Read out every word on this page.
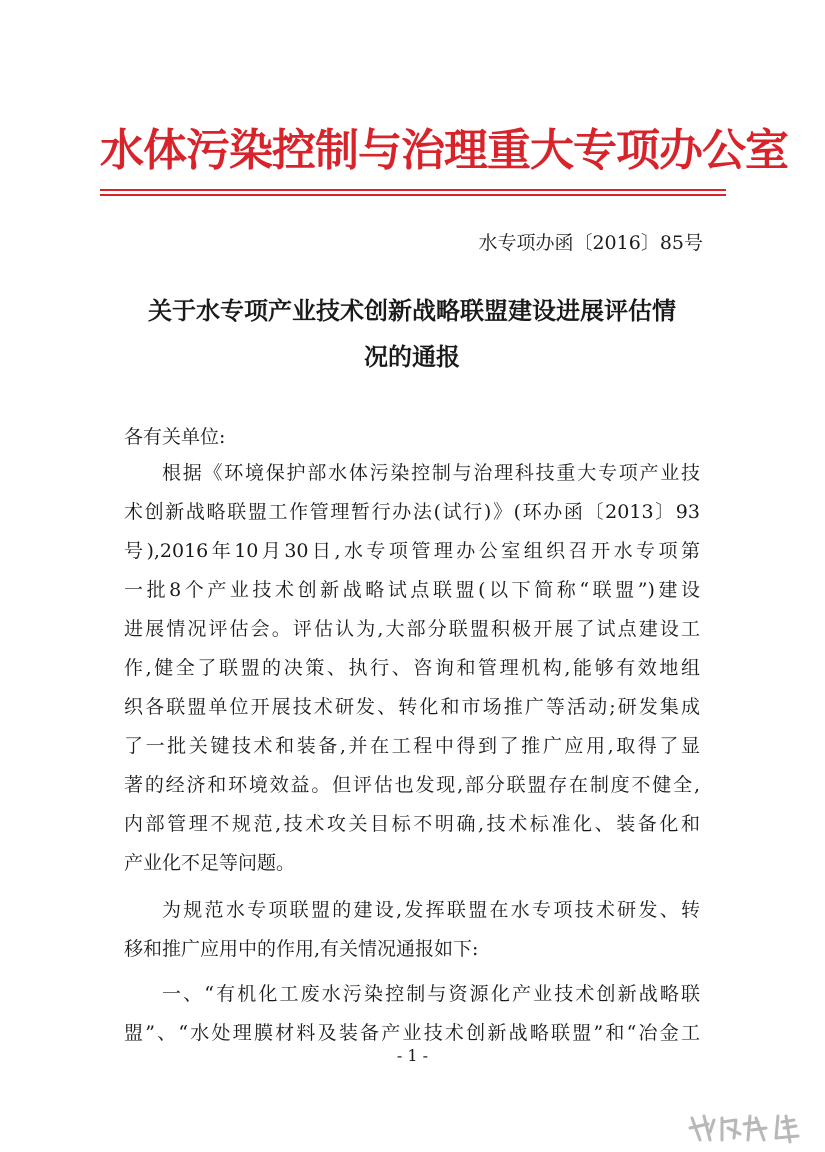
水体污染控制与治理重大专项办公室
水专项办函〔2016〕85号
关于水专项产业技术创新战略联盟建设进展评估情
况的通报
各有关单位:
根据《环境保护部水体污染控制与治理科技重大专项产业技
术创新战略联盟工作管理暂行办法(试行)》(环办函〔2013〕93
号),2016年10月30日,水专项管理办公室组织召开水专项第
一批8个产业技术创新战略试点联盟(以下简称“联盟”)建设
进展情况评估会。评估认为,大部分联盟积极开展了试点建设工
作,健全了联盟的决策、执行、咨询和管理机构,能够有效地组
织各联盟单位开展技术研发、转化和市场推广等活动;研发集成
了一批关键技术和装备,并在工程中得到了推广应用,取得了显
著的经济和环境效益。但评估也发现,部分联盟存在制度不健全,
内部管理不规范,技术攻关目标不明确,技术标准化、装备化和
产业化不足等问题。
为规范水专项联盟的建设,发挥联盟在水专项技术研发、转
移和推广应用中的作用,有关情况通报如下:
一、“有机化工废水污染控制与资源化产业技术创新战略联
盟”、“水处理膜材料及装备产业技术创新战略联盟”和“冶金工
- 1 -
